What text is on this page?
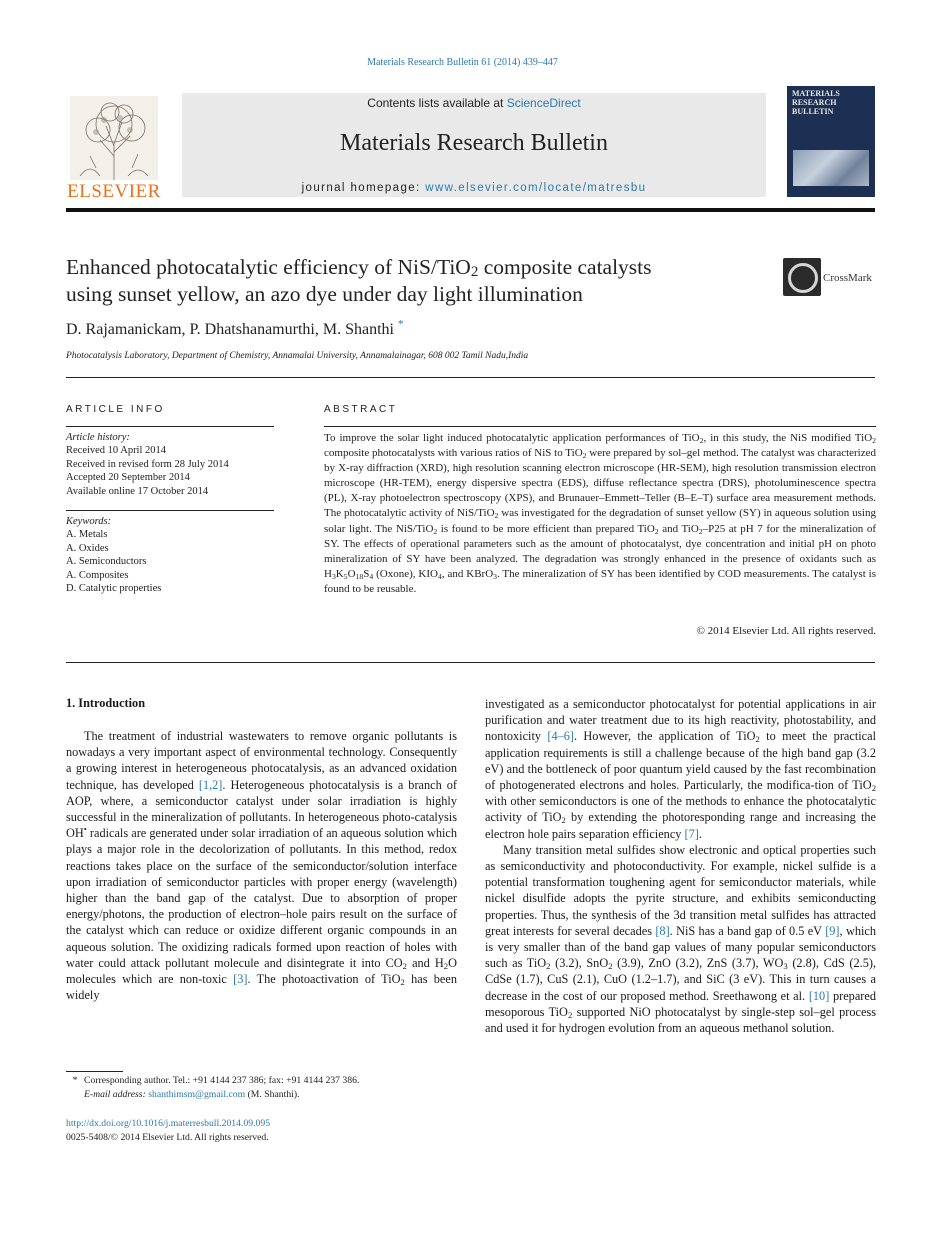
Materials Research Bulletin 61 (2014) 439–447
ELSEVIER
Contents lists available at ScienceDirect
Materials Research Bulletin
journal homepage: www.elsevier.com/locate/matresbu
MATERIALS RESEARCH BULLETIN
Enhanced photocatalytic efficiency of NiS/TiO$_2$ composite catalysts
using sunset yellow, an azo dye under day light illumination
CrossMark
D. Rajamanickam, P. Dhatshanamurthi, M. Shanthi *
Photocatalysis Laboratory, Department of Chemistry, Annamalai University, Annamalainagar, 608 002 Tamil Nadu,India
ARTICLE INFO
Article history:
Received 10 April 2014
Received in revised form 28 July 2014
Accepted 20 September 2014
Available online 17 October 2014
Keywords:
A. Metals
A. Oxides
A. Semiconductors
A. Composites
D. Catalytic properties
ABSTRACT
To improve the solar light induced photocatalytic application performances of TiO$_2$, in this study, the NiS modified TiO$_2$ composite photocatalysts with various ratios of NiS to TiO$_2$ were prepared by sol–gel method. The catalyst was characterized by X-ray diffraction (XRD), high resolution scanning electron microscope (HR-SEM), high resolution transmission electron microscope (HR-TEM), energy dispersive spectra (EDS), diffuse reflectance spectra (DRS), photoluminescence spectra (PL), X-ray photoelectron spectroscopy (XPS), and Brunauer–Emmett–Teller (B–E–T) surface area measurement methods. The photocatalytic activity of NiS/TiO$_2$ was investigated for the degradation of sunset yellow (SY) in aqueous solution using solar light. The NiS/TiO$_2$ is found to be more efficient than prepared TiO$_2$ and TiO$_2$–P25 at pH 7 for the mineralization of SY. The effects of operational parameters such as the amount of photocatalyst, dye concentration and initial pH on photo mineralization of SY have been analyzed. The degradation was strongly enhanced in the presence of oxidants such as $H_3K_5O_{18}S_4$ (Oxone), $KIO_4$, and KBrO$_3$. The mineralization of SY has been identified by COD measurements. The catalyst is found to be reusable.
© 2014 Elsevier Ltd. All rights reserved.
1. Introduction

The treatment of industrial wastewaters to remove organic pollutants is nowadays a very important aspect of environmental technology. Consequently a growing interest in heterogeneous photocatalysis, as an advanced oxidation technique, has developed [1,2]. Heterogeneous photocatalysis is a branch of AOP, where, a semiconductor catalyst under solar irradiation is highly successful in the mineralization of pollutants. In heterogeneous photo-catalysis OH• radicals are generated under solar irradiation of an aqueous solution which plays a major role in the decolorization of pollutants. In this method, redox reactions takes place on the surface of the semiconductor/solution interface upon irradiation of semiconductor particles with proper energy (wavelength) higher than the band gap of the catalyst. Due to absorption of proper energy/photons, the production of electron–hole pairs result on the surface of the catalyst which can reduce or oxidize different organic compounds in an aqueous solution. The oxidizing radicals formed upon reaction of holes with water could attack pollutant molecule and disintegrate it into $CO_2$ and $H_2O$ molecules which are non-toxic [3]. The photoactivation of TiO$_2$ has been widely

* Corresponding author. Tel.: +91 4144 237 386; fax: +91 4144 237 386.
E-mail address: shanthimsm@gmail.com (M. Shanthi).
http://dx.doi.org/10.1016/j.materresbull.2014.09.095
0025-5408/© 2014 Elsevier Ltd. All rights reserved.

investigated as a semiconductor photocatalyst for potential applications in air purification and water treatment due to its high reactivity, photostability, and nontoxicity [4–6]. However, the application of TiO$_2$ to meet the practical application requirements is still a challenge because of the high band gap (3.2 eV) and the bottleneck of poor quantum yield caused by the fast recombination of photogenerated electrons and holes. Particularly, the modifica-tion of TiO$_2$ with other semiconductors is one of the methods to enhance the photocatalytic activity of TiO$_2$ by extending the photoresponding range and increasing the electron hole pairs separation efficiency [7].

Many transition metal sulfides show electronic and optical properties such as semiconductivity and photoconductivity. For example, nickel sulfide is a potential transformation toughening agent for semiconductor materials, while nickel disulfide adopts the pyrite structure, and exhibits semiconducting properties. Thus, the synthesis of the 3d transition metal sulfides has attracted great interests for several decades [8]. NiS has a band gap of 0.5 eV [9], which is very smaller than of the band gap values of many popular semiconductors such as TiO$_2$ (3.2), SnO$_2$ (3.9), ZnO (3.2), ZnS (3.7), $WO_3$ (2.8), CdS (2.5), CdSe (1.7), CuS (2.1), CuO (1.2–1.7), and SiC (3 eV). This in turn causes a decrease in the cost of our proposed method. Sreethawong et al. [10] prepared mesoporous TiO$_2$ supported NiO photocatalyst by single-step sol–gel process and used it for hydrogen evolution from an aqueous methanol solution.
